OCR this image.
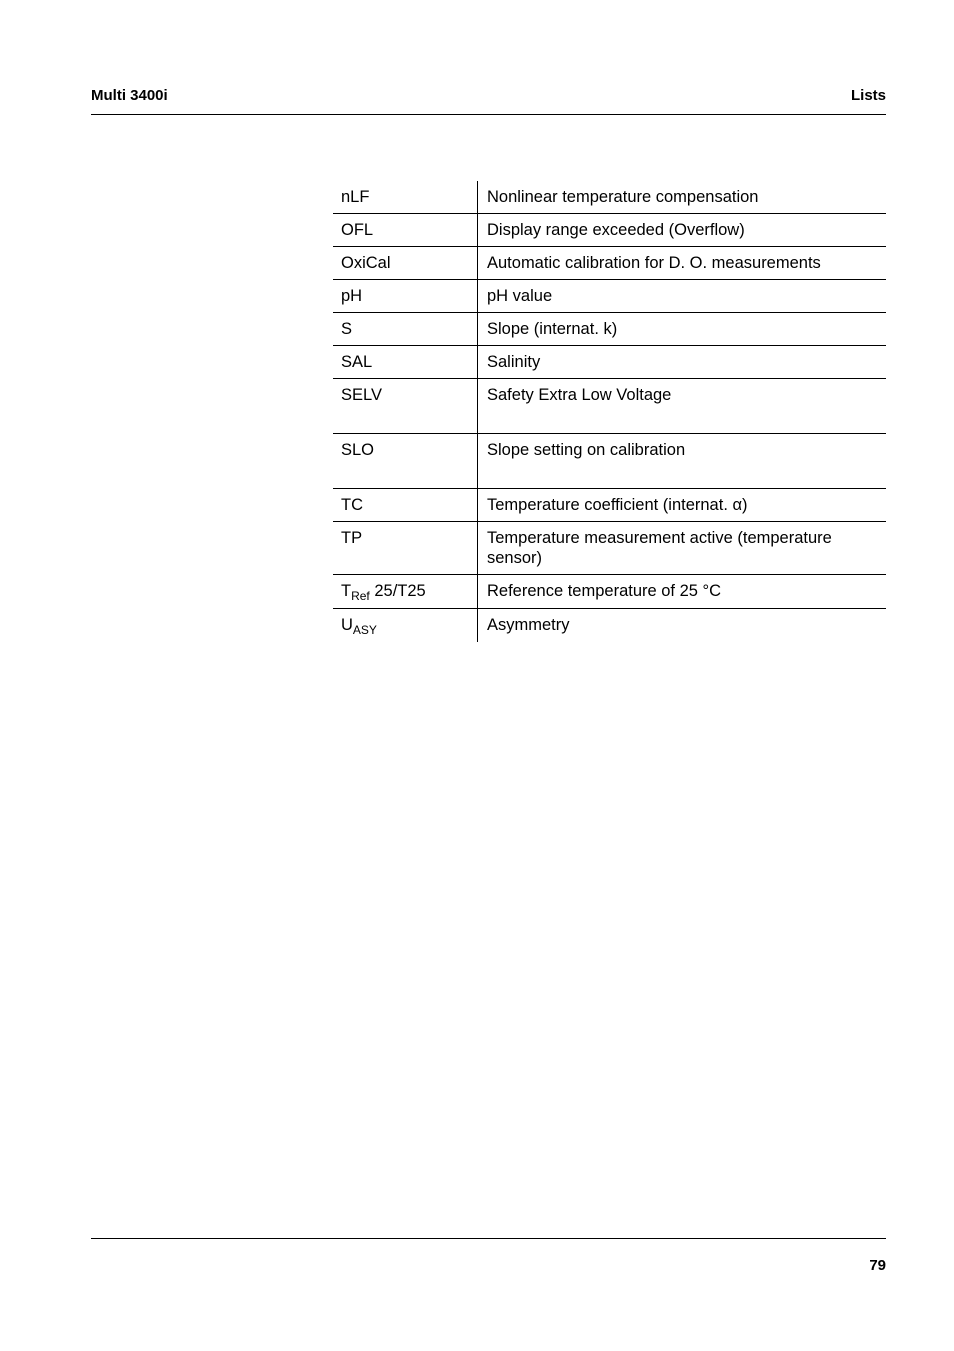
Multi 3400i	Lists
nLF	Nonlinear temperature compensation
OFL	Display range exceeded (Overflow)
OxiCal	Automatic calibration for D. O. measurements
pH	pH value
S	Slope (internat. k)
SAL	Salinity
SELV	Safety Extra Low Voltage
SLO	Slope setting on calibration
TC	Temperature coefficient (internat. α)
TP	Temperature measurement active (temperature sensor)
$T_{Ref}$ 25/T25	Reference temperature of 25 °C
$U_{ASY}$	Asymmetry
79
